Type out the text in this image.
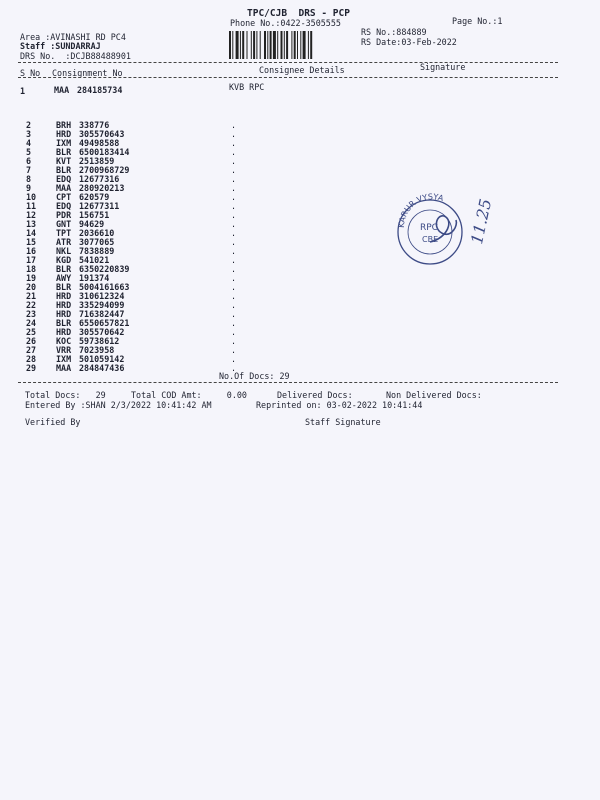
TPC/CJB  DRS - PCP
Phone No.:0422-3505555	Page No.:1
Area :AVINASHI RD PC4
Staff :SUNDARRAJ
DRS No.  :DCJB88488901
RS No.:884889
RS Date:03-Feb-2022
S No Consignment No	Consignee Details	Signature
1	MAA 284185734	KVB RPC
2	BRH 338776	.
3	HRD 305570643	.
4	IXM 49498588	.
5	BLR 6500183414	.
6	KVT 2513859	.
7	BLR 2700968729	.
8	EDQ 12677316	.
9	MAA 280920213	.
10 CPT 620579	.
11 EDQ 12677311	.
12 PDR 156751	.
13 GNT 94629	.
14 TPT 2036610	.
15 ATR 3077065	.
16 NKL 7838889	.
17 KGD 541021	.
18 BLR 6350220839	.
19 AWY 191374	.
20 BLR 5004161663	.
21 HRD 310612324	.
22 HRD 335294099	.
23 HRD 716382447	.
24 BLR 6550657821	.
25 HRD 305570642	.
26 KOC 59738612	.
27 VRR 7023958	.
28 IXM 501059142	.
29 MAA 284847436	.
No.Of Docs: 29
Total Docs:   29	Total COD Amt:     0.00	Delivered Docs:	Non Delivered Docs:
Entered By :SHAN 2/3/2022 10:41:42 AM	Reprinted on: 03-02-2022 10:41:44
Verified By	Staff Signature
KARUR VYSYA
RPC
CBE 11.25
